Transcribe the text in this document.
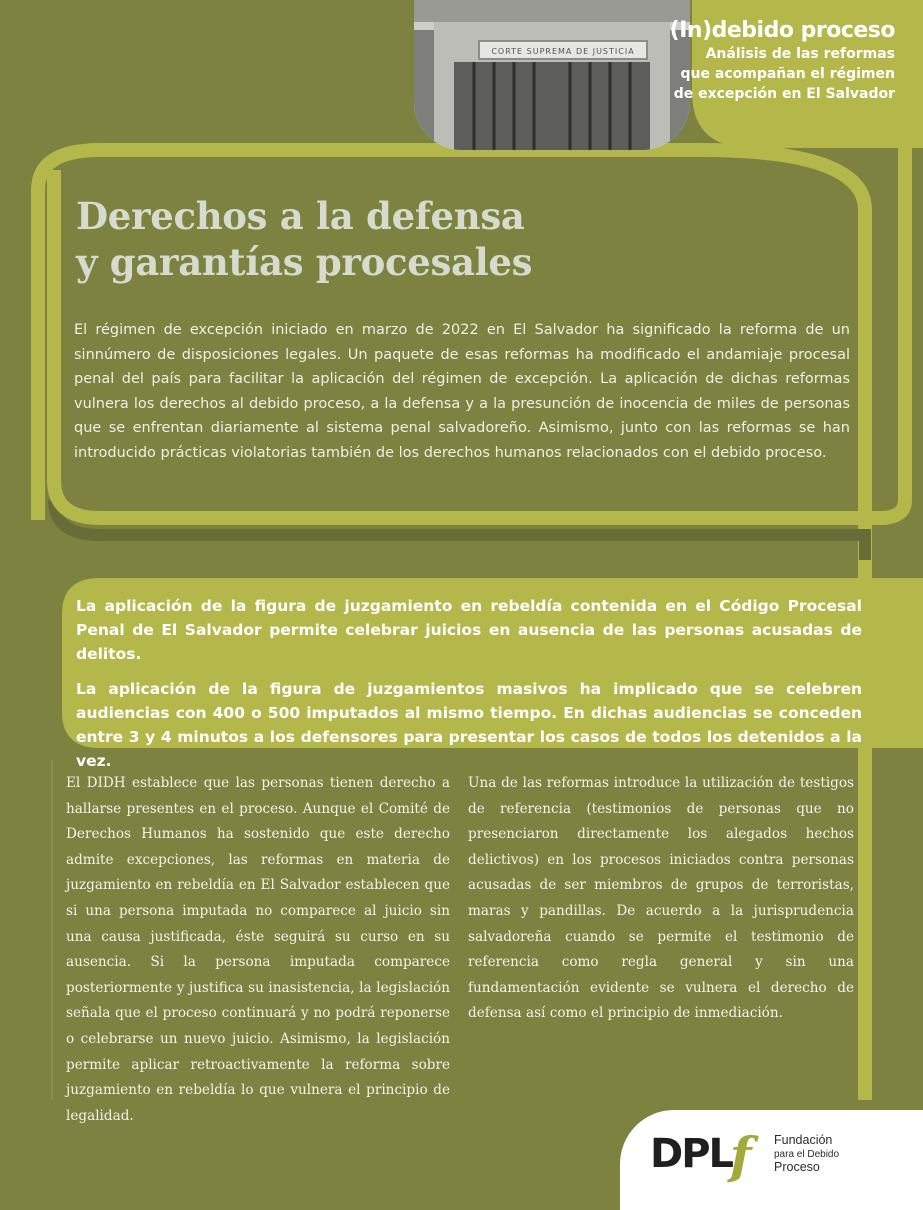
CORTE SUPREMA DE JUSTICIA
(In)debido proceso
Análisis de las reformas
que acompañan el régimen
de excepción en El Salvador
Derechos a la defensa
y garantías procesales

El régimen de excepción iniciado en marzo de 2022 en El Salvador ha significado la reforma de un sinnúmero de disposiciones legales. Un paquete de esas reformas ha modificado el andamiaje procesal penal del país para facilitar la aplicación del régimen de excepción. La aplicación de dichas reformas vulnera los derechos al debido proceso, a la defensa y a la presunción de inocencia de miles de personas que se enfrentan diariamente al sistema penal salvadoreño. Asimismo, junto con las reformas se han introducido prácticas violatorias también de los derechos humanos relacionados con el debido proceso.

La aplicación de la figura de juzgamiento en rebeldía contenida en el Código Procesal Penal de El Salvador permite celebrar juicios en ausencia de las personas acusadas de delitos.

La aplicación de la figura de juzgamientos masivos ha implicado que se celebren audiencias con 400 o 500 imputados al mismo tiempo. En dichas audiencias se conceden entre 3 y 4 minutos a los defensores para presentar los casos de todos los detenidos a la vez.

El DIDH establece que las personas tienen derecho a hallarse presentes en el proceso. Aunque el Comité de Derechos Humanos ha sostenido que este derecho admite excepciones, las reformas en materia de juzgamiento en rebeldía en El Salvador establecen que si una persona imputada no comparece al juicio sin una causa justificada, éste seguirá su curso en su ausencia. Si la persona imputada comparece posteriormente y justifica su inasistencia, la legislación señala que el proceso continuará y no podrá reponerse o celebrarse un nuevo juicio. Asimismo, la legislación permite aplicar retroactivamente la reforma sobre juzgamiento en rebeldía lo que vulnera el principio de legalidad.

Una de las reformas introduce la utilización de testigos de referencia (testimonios de personas que no presenciaron directamente los alegados hechos delictivos) en los procesos iniciados contra personas acusadas de ser miembros de grupos de terroristas, maras y pandillas. De acuerdo a la jurisprudencia salvadoreña cuando se permite el testimonio de referencia como regla general y sin una fundamentación evidente se vulnera el derecho de defensa así como el principio de inmediación.

DPL
f Fundación
para el Debido
Proceso
